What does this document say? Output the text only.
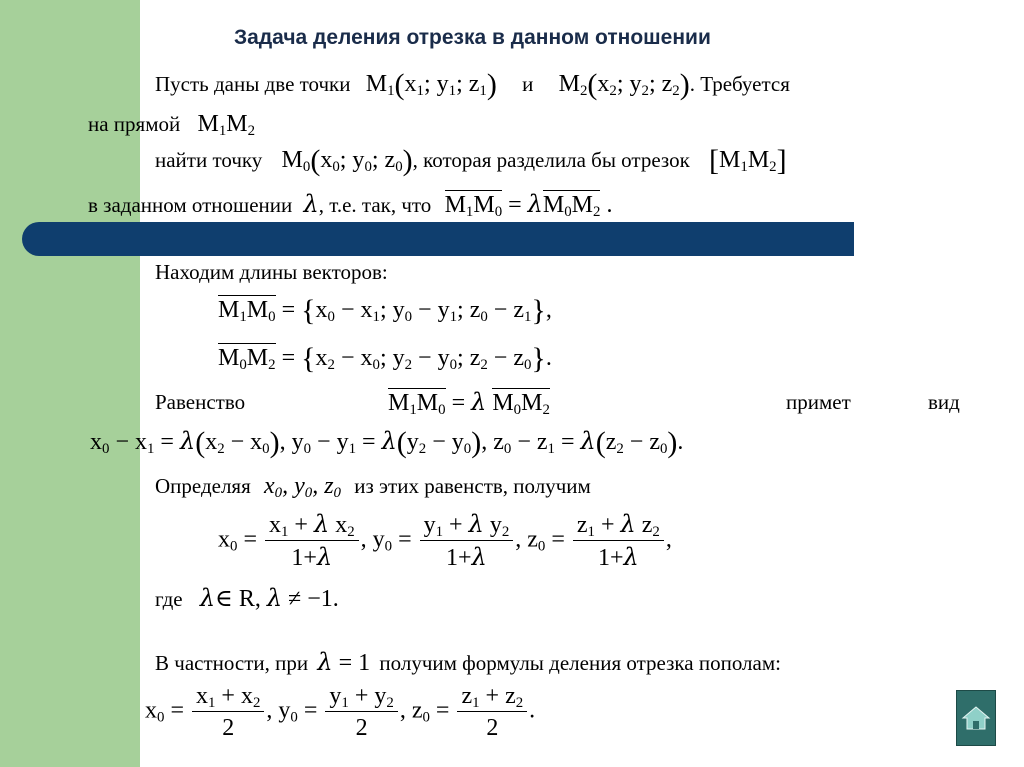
Задача деления отрезка в данном отношении
Пусть даны две точки $M_1(x_1$; $y_1$; $z_1$) и $M_2(x_2$; $y_2$; $z_2$). Требуется
на прямой $M_1M_2$
найти точку $M_0(x_0$; $y_0$; $z_0$), которая разделила бы отрезок $[M_1M_2]$
в заданном отношении λ, т.е. так, что $M_1M_0 = \lambda M_0M_2$ .
Находим длины векторов:
$M_1M_0 = \{x_0 - x_1$; $y_0 - y_1$; $z_0 - z_1$},
$M_0M_2 = \{x_2 - x_0$; $y_2 - y_0$; $z_2 - z_0$}.
Равенство	$M_1M_0 = \lambda$ $M_0M_2$	примет	вид
$x_0 - x_1 = \lambda(x_2 - x_0)$, $y_0 - y_1 = \lambda(y_2 - y_0)$, $z_0 - z_1 = \lambda(z_2 - z_0)$.
Определяя $x_0$, $y_0$, $z_0$ из этих равенств, получим
$x_0 = \frac{x_1 + \lambda x_2}{1+\lambda}$ , $y_0 = \frac{y_1 + \lambda y_2}{1+\lambda}$ , $z_0 = \frac{z_1 + \lambda z_2}{1+\lambda}$ ,
где λ∈ R, λ ≠ −1.
В частности, при λ = 1 получим формулы деления отрезка пополам:
$x_0 = \frac{x_1 + x_2}{2}$ , $y_0 = \frac{y_1 + y_2}{2}$ , $z_0 = \frac{z_1 + z_2}{2}$ .
